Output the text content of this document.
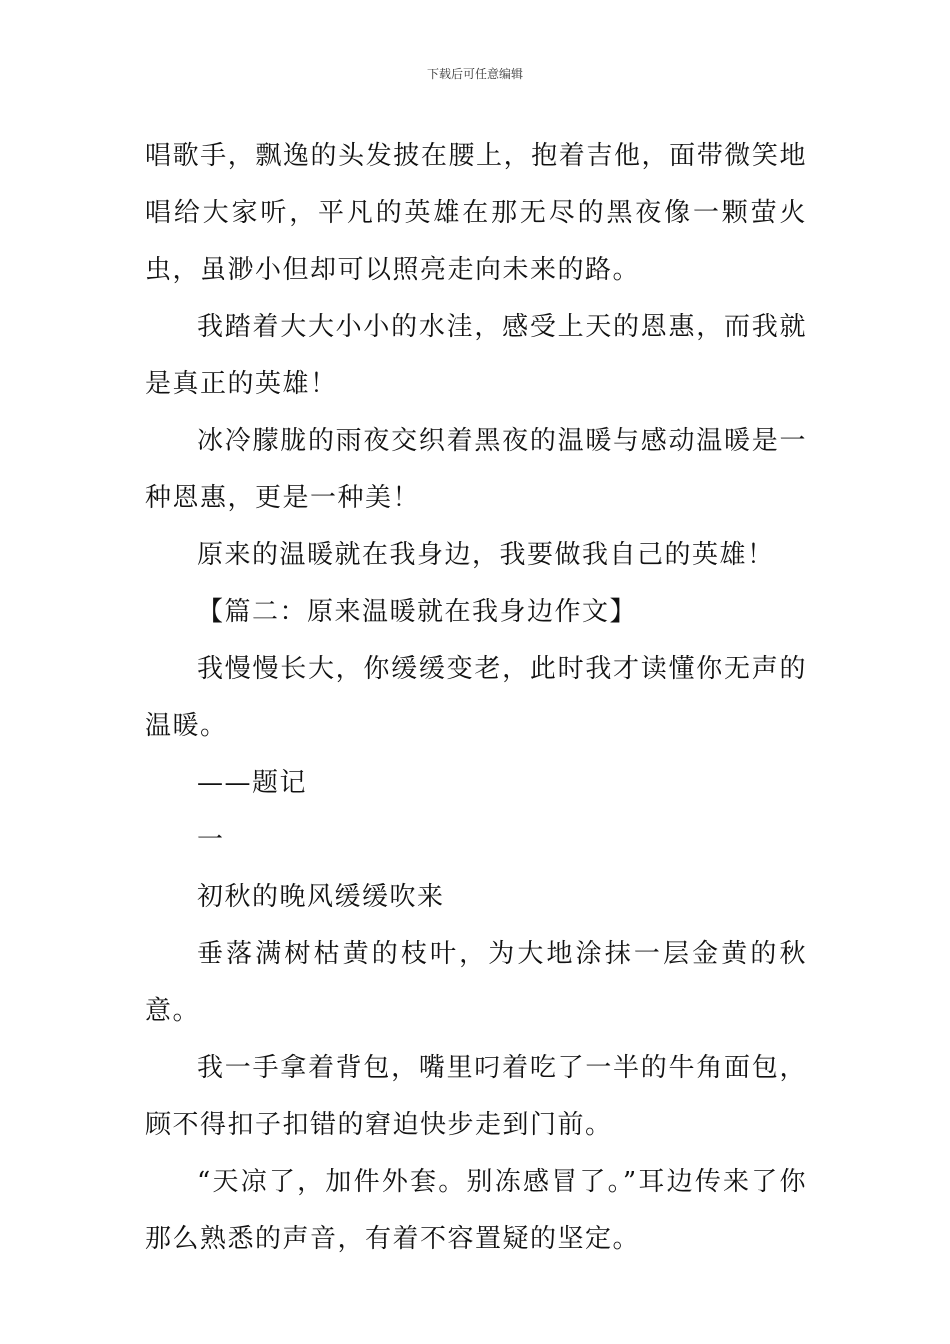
下载后可任意编辑

唱歌手，飘逸的头发披在腰上，抱着吉他，面带微笑地唱给大家听，平凡的英雄在那无尽的黑夜像一颗萤火虫，虽渺小但却可以照亮走向未来的路。

我踏着大大小小的水洼，感受上天的恩惠，而我就是真正的英雄！

冰冷朦胧的雨夜交织着黑夜的温暖与感动温暖是一种恩惠，更是一种美！

原来的温暖就在我身边，我要做我自己的英雄！

【篇二：原来温暖就在我身边作文】

我慢慢长大，你缓缓变老，此时我才读懂你无声的温暖。

——题记

一

初秋的晚风缓缓吹来

垂落满树枯黄的枝叶，为大地涂抹一层金黄的秋意。

我一手拿着背包，嘴里叼着吃了一半的牛角面包，顾不得扣子扣错的窘迫快步走到门前。

“天凉了，加件外套。别冻感冒了。”耳边传来了你那么熟悉的声音，有着不容置疑的坚定。
